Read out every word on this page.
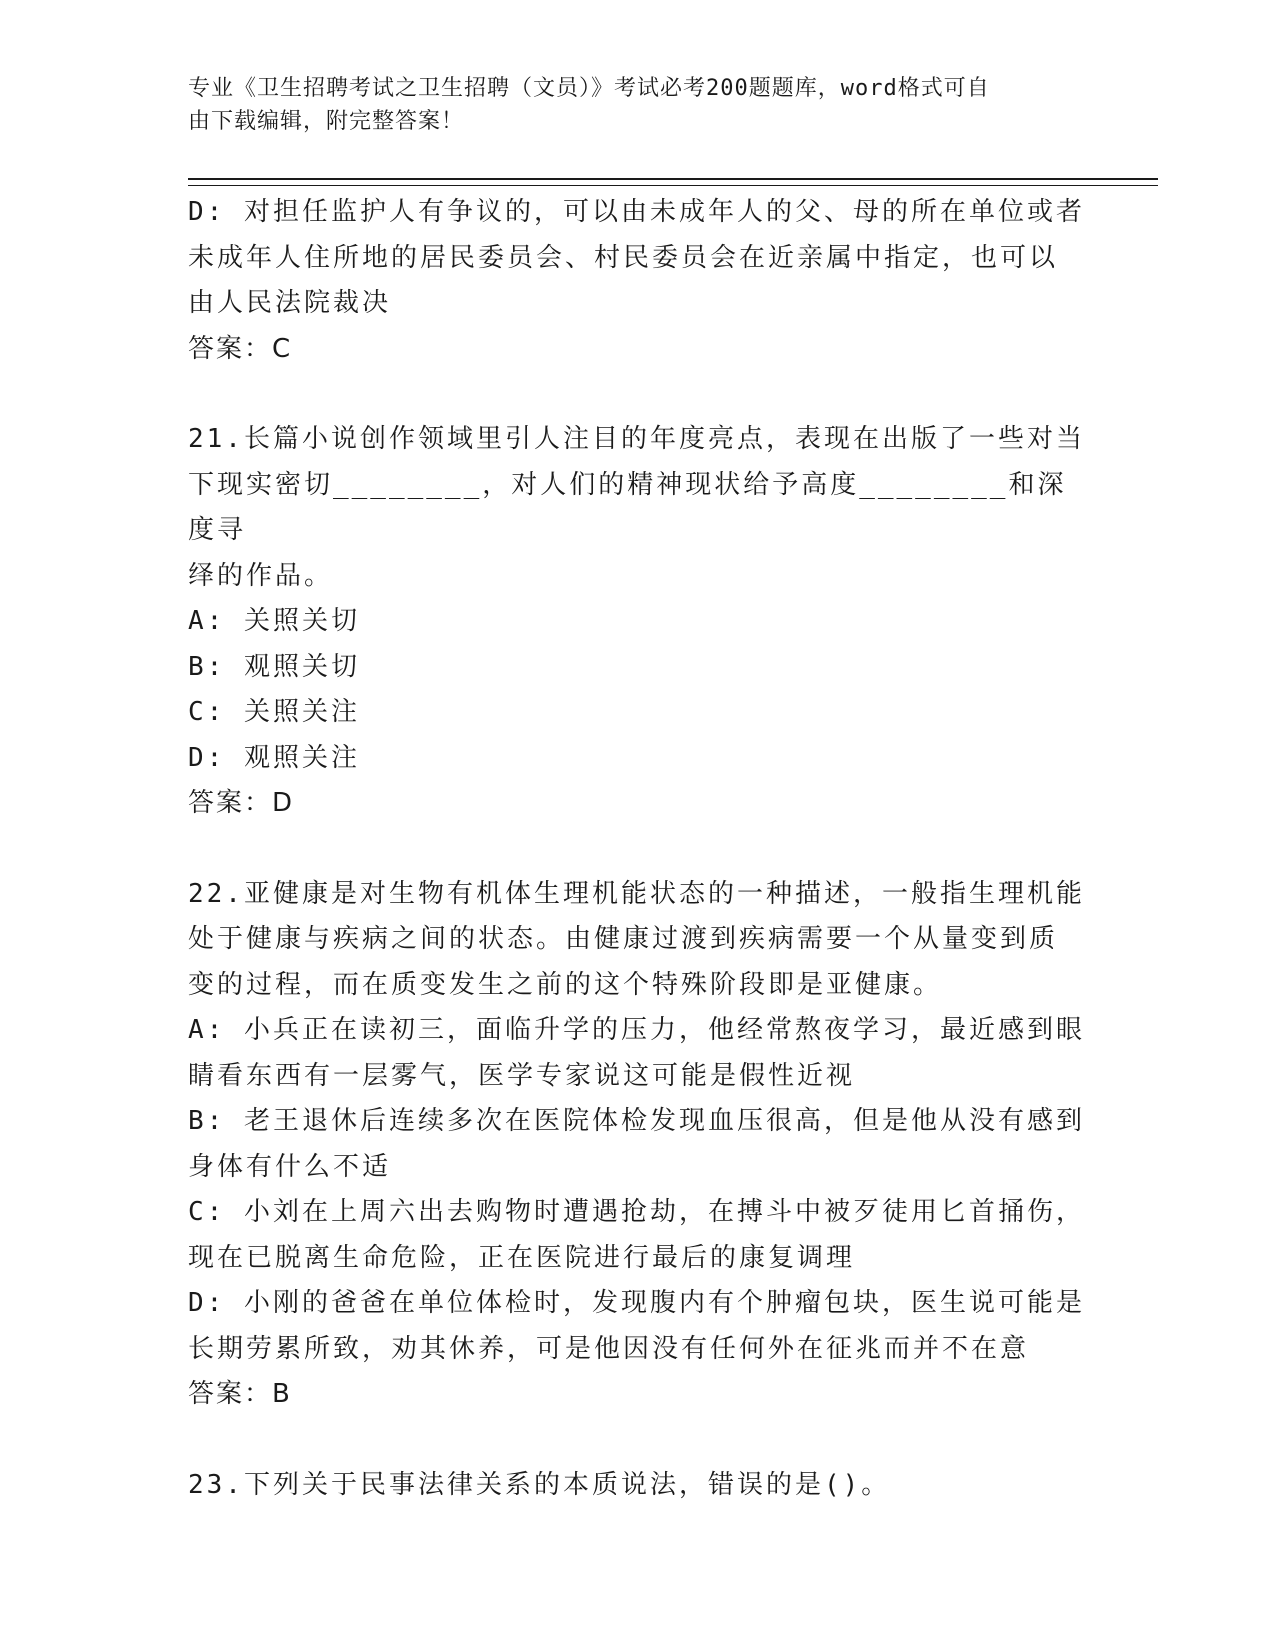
专业《卫生招聘考试之卫生招聘（文员）》考试必考200题题库，word格式可自
由下载编辑，附完整答案！
D: 对担任监护人有争议的，可以由未成年人的父、母的所在单位或者
未成年人住所地的居民委员会、村民委员会在近亲属中指定，也可以
由人民法院裁决
答案：C
21.长篇小说创作领域里引人注目的年度亮点，表现在出版了一些对当
下现实密切________，对人们的精神现状给予高度________和深度寻
绎的作品。
A: 关照关切
B: 观照关切
C: 关照关注
D: 观照关注
答案：D
22.亚健康是对生物有机体生理机能状态的一种描述，一般指生理机能
处于健康与疾病之间的状态。由健康过渡到疾病需要一个从量变到质
变的过程，而在质变发生之前的这个特殊阶段即是亚健康。
A: 小兵正在读初三，面临升学的压力，他经常熬夜学习，最近感到眼
睛看东西有一层雾气，医学专家说这可能是假性近视
B: 老王退休后连续多次在医院体检发现血压很高，但是他从没有感到
身体有什么不适
C: 小刘在上周六出去购物时遭遇抢劫，在搏斗中被歹徒用匕首捅伤，
现在已脱离生命危险，正在医院进行最后的康复调理
D: 小刚的爸爸在单位体检时，发现腹内有个肿瘤包块，医生说可能是
长期劳累所致，劝其休养，可是他因没有任何外在征兆而并不在意
答案：B
23.下列关于民事法律关系的本质说法，错误的是()。
